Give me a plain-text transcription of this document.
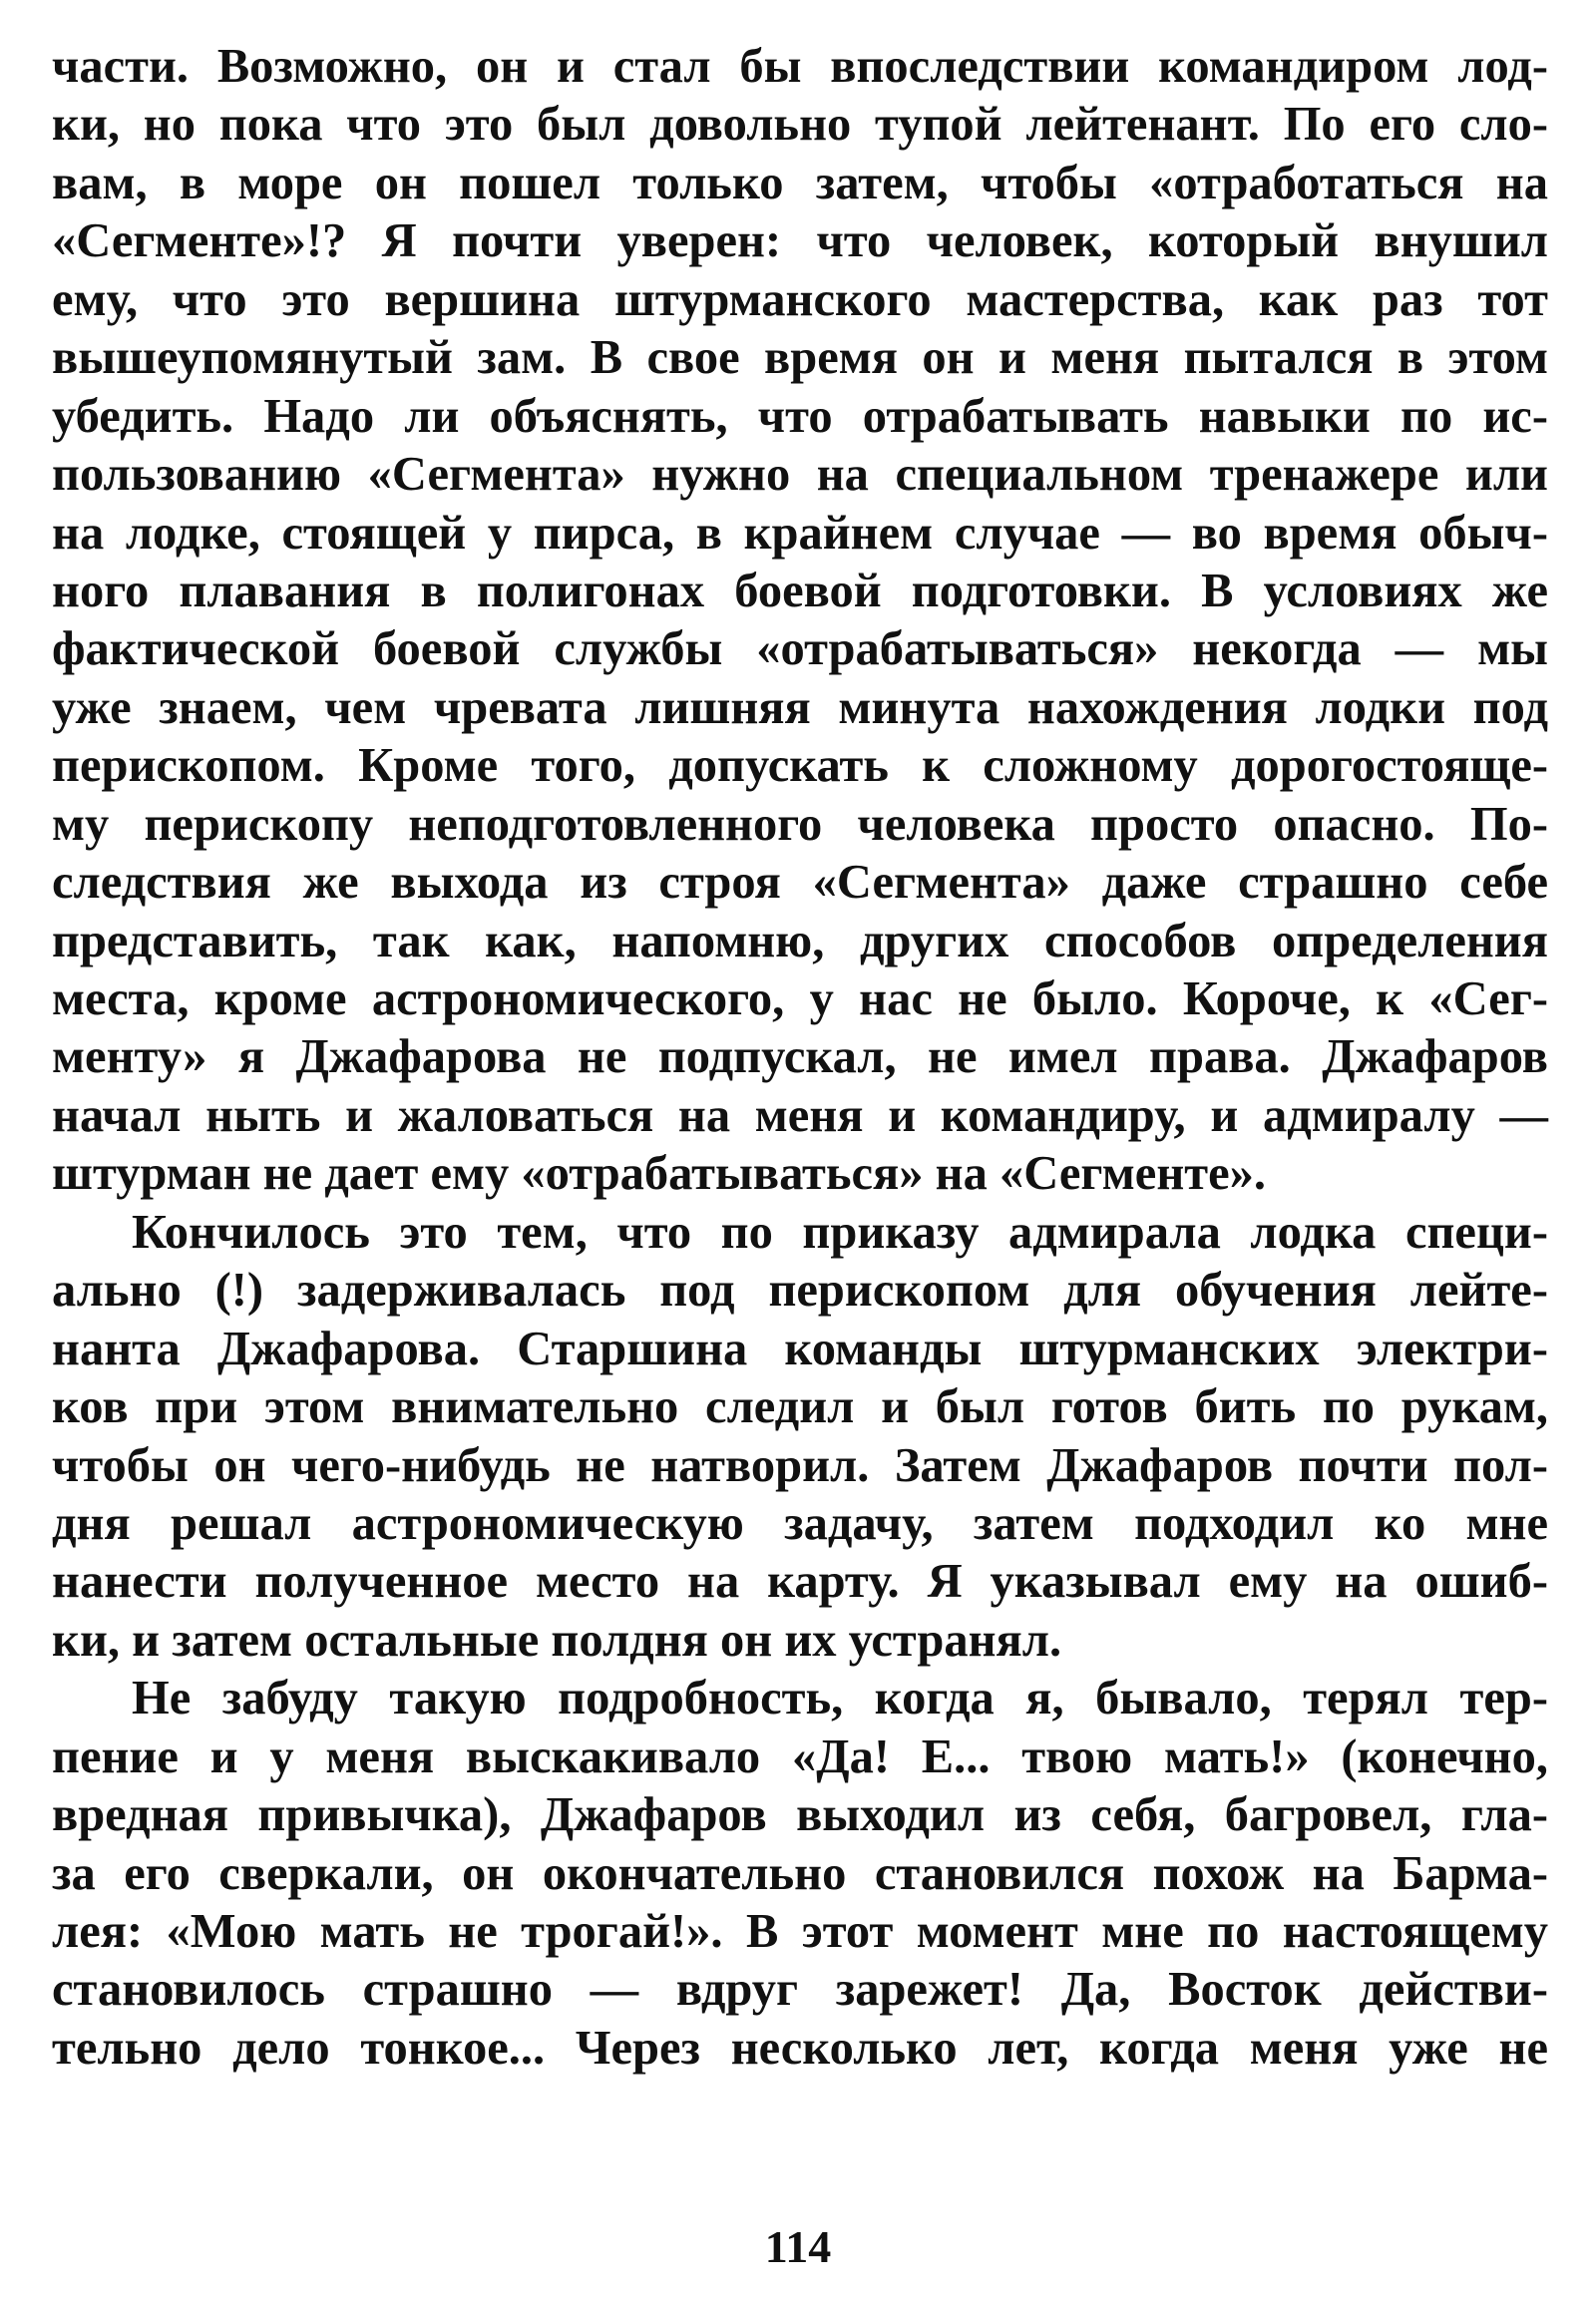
части. Возможно, он и стал бы впоследствии командиром лод-
ки, но пока что это был довольно тупой лейтенант. По его сло-
вам, в море он пошел только затем, чтобы «отработаться на
«Сегменте»!? Я почти уверен: что человек, который внушил
ему, что это вершина штурманского мастерства, как раз тот
вышеупомянутый зам. В свое время он и меня пытался в этом
убедить. Надо ли объяснять, что отрабатывать навыки по ис-
пользованию «Сегмента» нужно на специальном тренажере или
на лодке, стоящей у пирса, в крайнем случае — во время обыч-
ного плавания в полигонах боевой подготовки. В условиях же
фактической боевой службы «отрабатываться» некогда — мы
уже знаем, чем чревата лишняя минута нахождения лодки под
перископом. Кроме того, допускать к сложному дорогостояще-
му перископу неподготовленного человека просто опасно. По-
следствия же выхода из строя «Сегмента» даже страшно себе
представить, так как, напомню, других способов определения
места, кроме астрономического, у нас не было. Короче, к «Сег-
менту» я Джафарова не подпускал, не имел права. Джафаров
начал ныть и жаловаться на меня и командиру, и адмиралу —
штурман не дает ему «отрабатываться» на «Сегменте».
Кончилось это тем, что по приказу адмирала лодка специ-
ально (!) задерживалась под перископом для обучения лейте-
нанта Джафарова. Старшина команды штурманских электри-
ков при этом внимательно следил и был готов бить по рукам,
чтобы он чего-нибудь не натворил. Затем Джафаров почти пол-
дня решал астрономическую задачу, затем подходил ко мне
нанести полученное место на карту. Я указывал ему на ошиб-
ки, и затем остальные полдня он их устранял.
Не забуду такую подробность, когда я, бывало, терял тер-
пение и у меня выскакивало «Да! Е... твою мать!» (конечно,
вредная привычка), Джафаров выходил из себя, багровел, гла-
за его сверкали, он окончательно становился похож на Барма-
лея: «Мою мать не трогай!». В этот момент мне по настоящему
становилось страшно — вдруг зарежет! Да, Восток действи-
тельно дело тонкое... Через несколько лет, когда меня уже не
114
